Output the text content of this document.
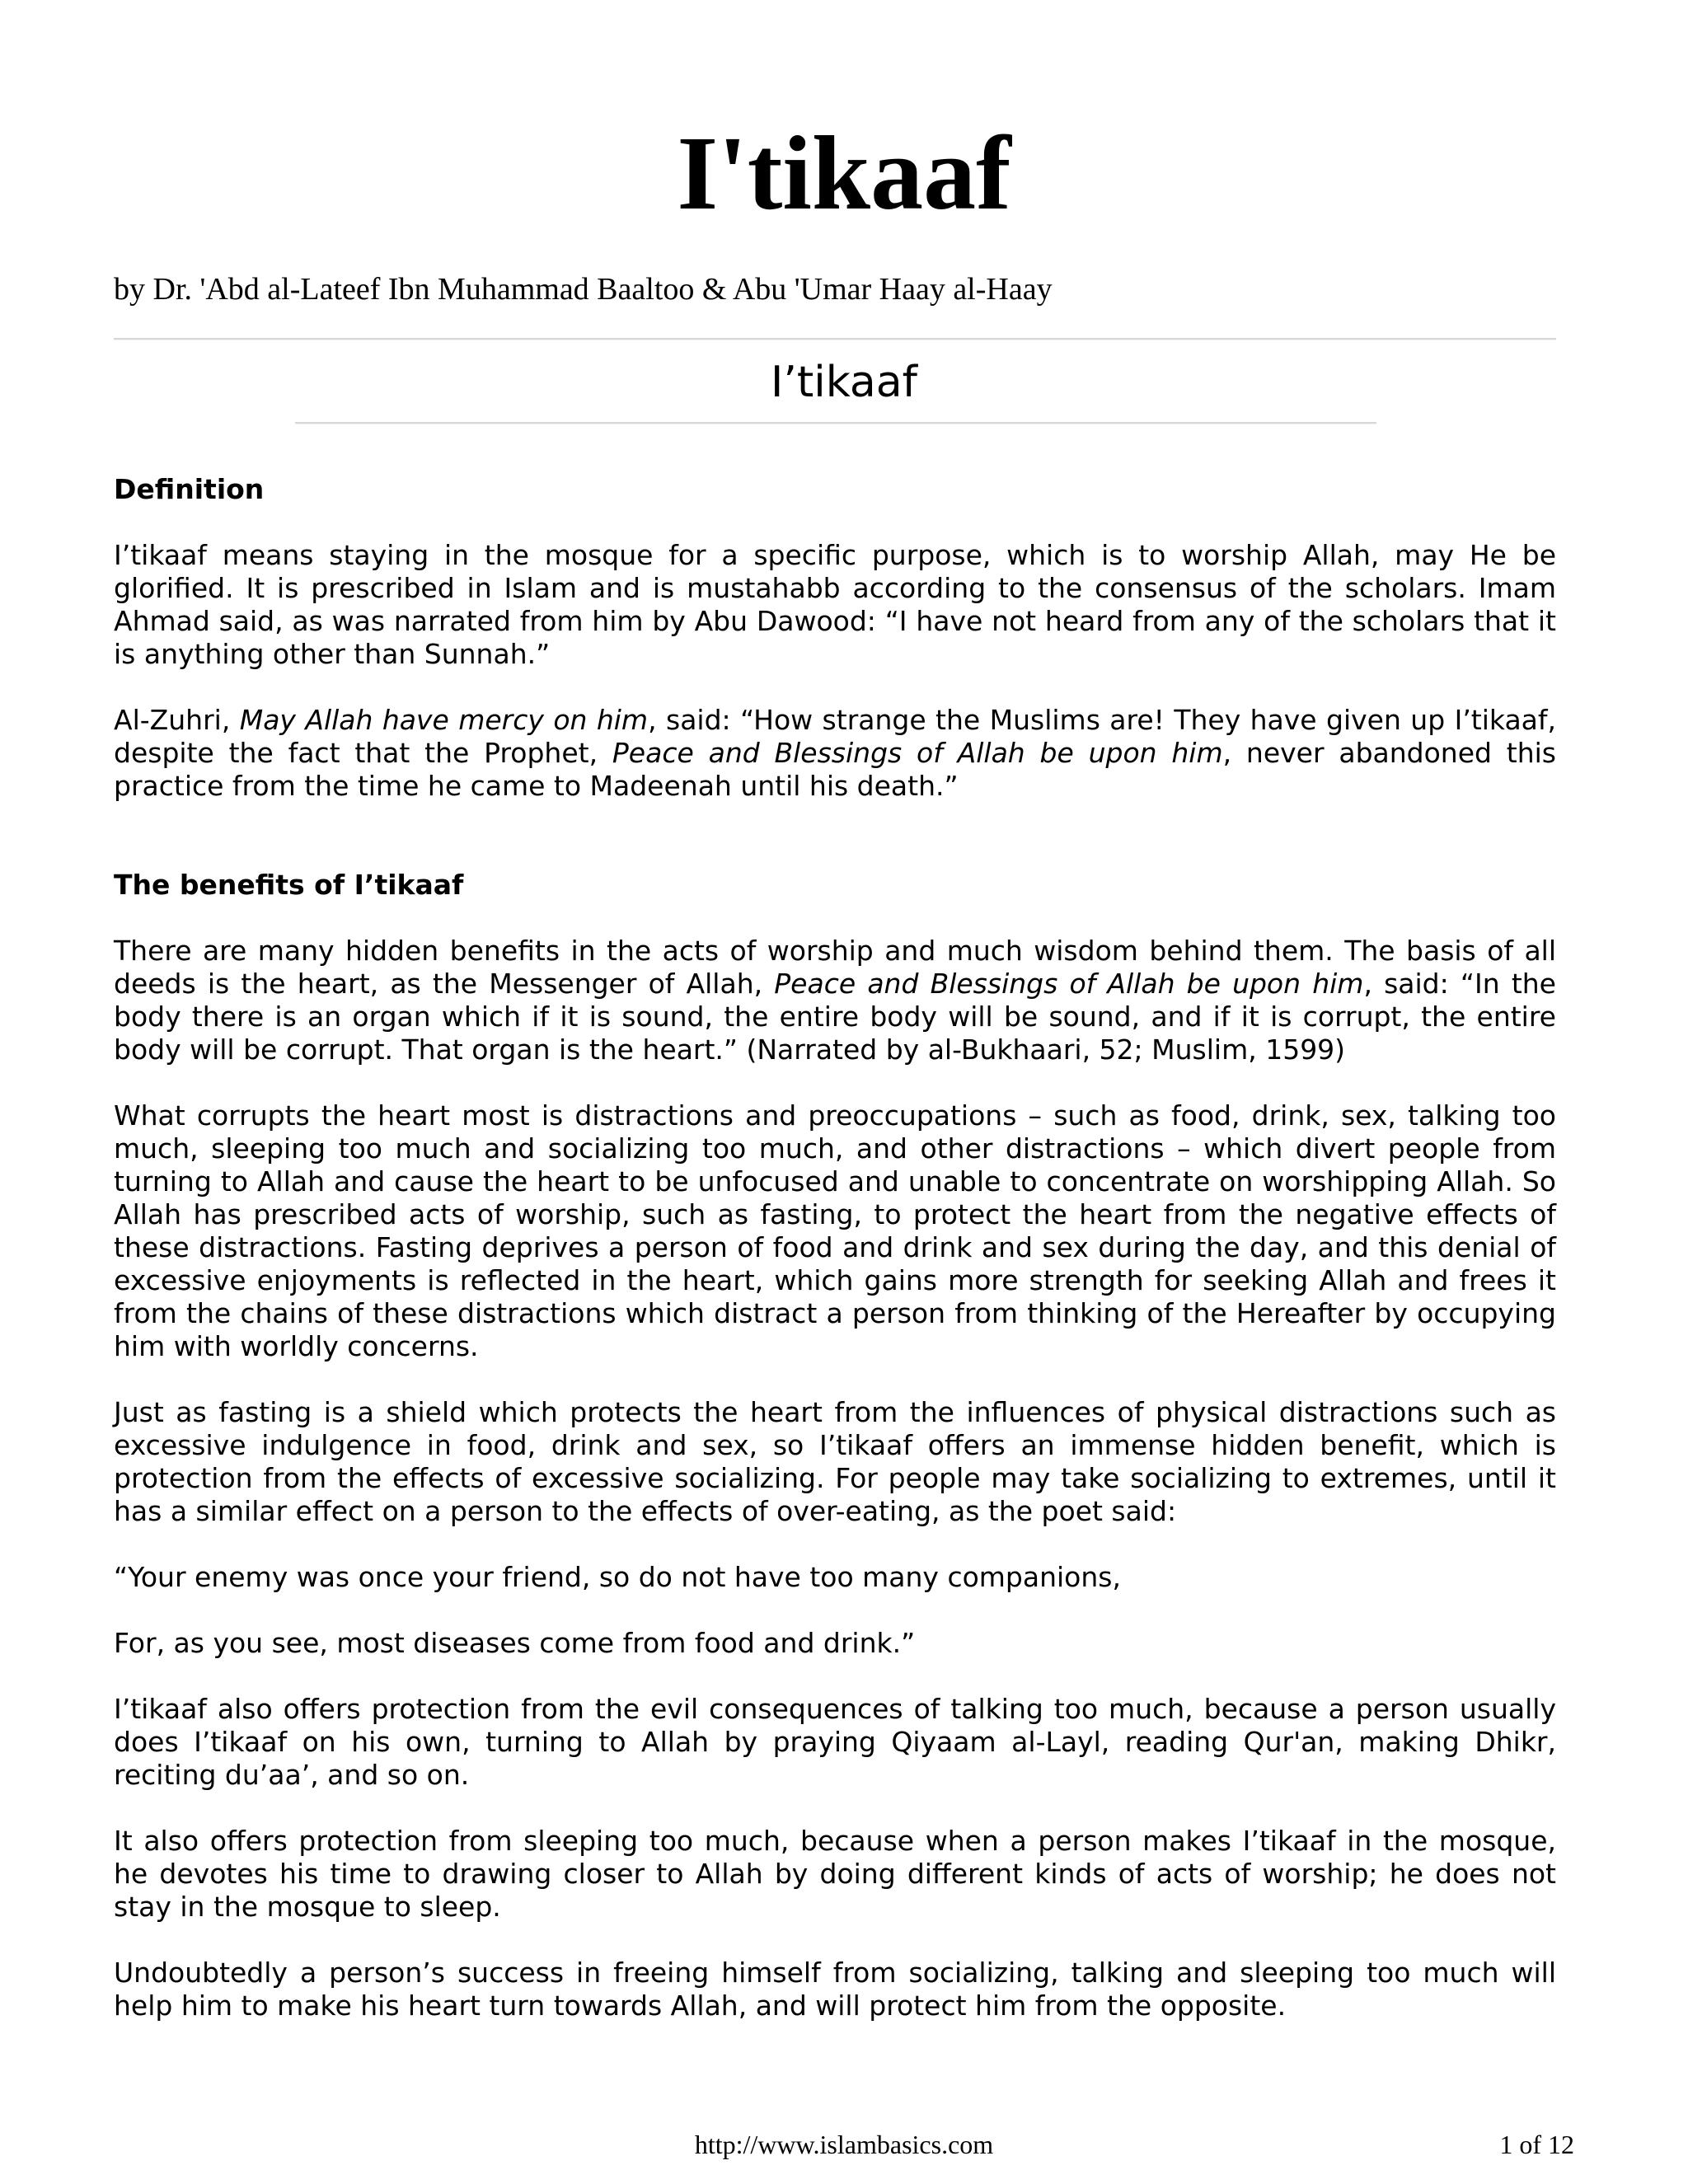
I'tikaaf
by Dr. 'Abd al-Lateef Ibn Muhammad Baaltoo & Abu 'Umar Haay al-Haay
I’tikaaf
Definition

I’tikaaf means staying in the mosque for a specific purpose, which is to worship Allah, may He be glorified. It is prescribed in Islam and is mustahabb according to the consensus of the scholars. Imam Ahmad said, as was narrated from him by Abu Dawood: “I have not heard from any of the scholars that it is anything other than Sunnah.”

Al-Zuhri, May Allah have mercy on him, said: “How strange the Muslims are! They have given up I’tikaaf, despite the fact that the Prophet, Peace and Blessings of Allah be upon him, never abandoned this practice from the time he came to Madeenah until his death.”

The benefits of I’tikaaf

There are many hidden benefits in the acts of worship and much wisdom behind them. The basis of all deeds is the heart, as the Messenger of Allah, Peace and Blessings of Allah be upon him, said: “In the body there is an organ which if it is sound, the entire body will be sound, and if it is corrupt, the entire body will be corrupt. That organ is the heart.” (Narrated by al-Bukhaari, 52; Muslim, 1599)

What corrupts the heart most is distractions and preoccupations – such as food, drink, sex, talking too much, sleeping too much and socializing too much, and other distractions – which divert people from turning to Allah and cause the heart to be unfocused and unable to concentrate on worshipping Allah. So Allah has prescribed acts of worship, such as fasting, to protect the heart from the negative effects of these distractions. Fasting deprives a person of food and drink and sex during the day, and this denial of excessive enjoyments is reflected in the heart, which gains more strength for seeking Allah and frees it from the chains of these distractions which distract a person from thinking of the Hereafter by occupying him with worldly concerns.

Just as fasting is a shield which protects the heart from the influences of physical distractions such as excessive indulgence in food, drink and sex, so I’tikaaf offers an immense hidden benefit, which is protection from the effects of excessive socializing. For people may take socializing to extremes, until it has a similar effect on a person to the effects of over-eating, as the poet said:

“Your enemy was once your friend, so do not have too many companions,

For, as you see, most diseases come from food and drink.”

I’tikaaf also offers protection from the evil consequences of talking too much, because a person usually does I’tikaaf on his own, turning to Allah by praying Qiyaam al-Layl, reading Qur'an, making Dhikr, reciting du’aa’, and so on.

It also offers protection from sleeping too much, because when a person makes I’tikaaf in the mosque, he devotes his time to drawing closer to Allah by doing different kinds of acts of worship; he does not stay in the mosque to sleep.

Undoubtedly a person’s success in freeing himself from socializing, talking and sleeping too much will help him to make his heart turn towards Allah, and will protect him from the opposite.

http://www.islambasics.com	1 of 12
